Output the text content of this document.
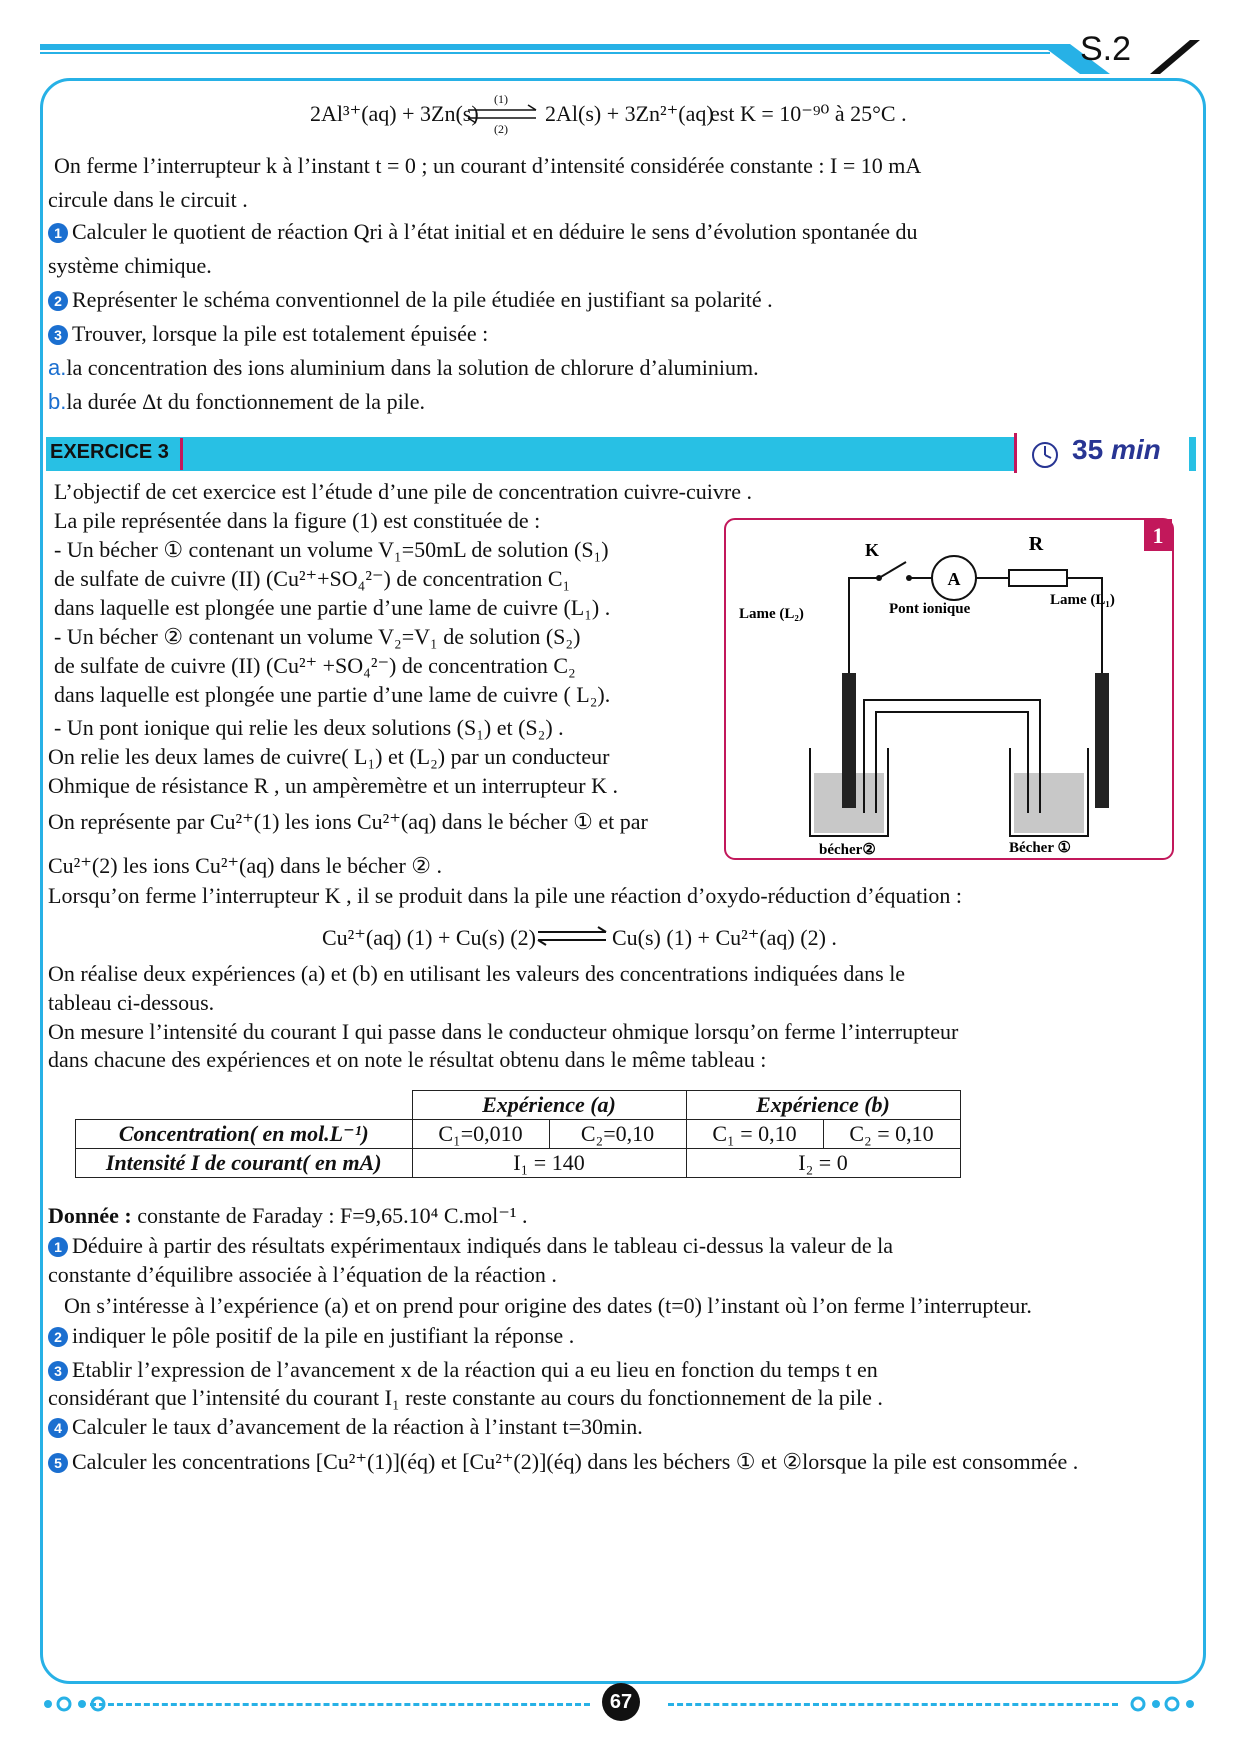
S.2
2Al³⁺(aq) + 3Zn(s)
(1)
(2)
2Al(s) + 3Zn²⁺(aq)
est K = 10⁻⁹⁰ à 25°C .
On ferme l’interrupteur k à l’instant t = 0 ; un courant d’intensité considérée constante : I = 10 mA
circule dans le circuit .
1 Calculer le quotient de réaction Qri à l’état initial et en déduire le sens d’évolution spontanée du
système chimique.
2 Représenter le schéma conventionnel de la pile étudiée en justifiant sa polarité .
3 Trouver, lorsque la pile est totalement épuisée :
a.la concentration des ions aluminium dans la solution de chlorure d’aluminium.
b.la durée Δt du fonctionnement de la pile.
EXERCICE 3	35 min
L’objectif de cet exercice est l’étude d’une pile de concentration cuivre-cuivre .
La pile représentée dans la figure (1) est constituée de :
- Un bécher ① contenant un volume V₁=50mL de solution (S₁)
de sulfate de cuivre (II) (Cu²⁺+SO₄²⁻) de concentration C₁
dans laquelle est plongée une partie d’une lame de cuivre (L₁) .
- Un bécher ② contenant un volume V₂=V₁ de solution (S₂)
de sulfate de cuivre (II) (Cu²⁺ +SO₄²⁻) de concentration C₂
dans laquelle est plongée une partie d’une lame de cuivre ( L₂).
- Un pont ionique qui relie les deux solutions (S₁) et (S₂) .
On relie les deux lames de cuivre( L₁) et (L₂) par un conducteur
Ohmique de résistance R , un ampèremètre et un interrupteur K .
On représente par Cu²⁺(1) les ions Cu²⁺(aq) dans le bécher ① et par
Cu²⁺(2) les ions Cu²⁺(aq) dans le bécher ② .
Lorsqu’on ferme l’interrupteur K , il se produit dans la pile une réaction d’oxydo-réduction d’équation :
Cu²⁺(aq) (1) + Cu(s) (2)	Cu(s) (1) + Cu²⁺(aq) (2) .
On réalise deux expériences (a) et (b) en utilisant les valeurs des concentrations indiquées dans le
tableau ci-dessous.
On mesure l’intensité du courant I qui passe dans le conducteur ohmique lorsqu’on ferme l’interrupteur
dans chacune des expériences et on note le résultat obtenu dans le même tableau :
1
A
K	R
Lame (L₂)
Lame (L₁)
Pont ionique
bécher②	Bécher ①
	Expérience (a)		Expérience (b)	
Concentration( en mol.L⁻¹)	C₁=0,010	C₂=0,10	C₁ = 0,10	C₂ = 0,10
Intensité I de courant( en mA)	I₁ = 140		I₂ = 0	
Donnée : constante de Faraday : F=9,65.10⁴ C.mol⁻¹ .
1 Déduire à partir des résultats expérimentaux indiqués dans le tableau ci-dessus la valeur de la
constante d’équilibre associée à l’équation de la réaction .
On s’intéresse à l’expérience (a) et on prend pour origine des dates (t=0) l’instant où l’on ferme l’interrupteur.
2 indiquer le pôle positif de la pile en justifiant la réponse .
3 Etablir l’expression de l’avancement x de la réaction qui a eu lieu en fonction du temps t en
considérant que l’intensité du courant I₁ reste constante au cours du fonctionnement de la pile .
4 Calculer le taux d’avancement de la réaction à l’instant t=30min.
5 Calculer les concentrations [Cu²⁺(1)](éq) et [Cu²⁺(2)](éq) dans les béchers ① et ②lorsque la pile est consommée .
67
